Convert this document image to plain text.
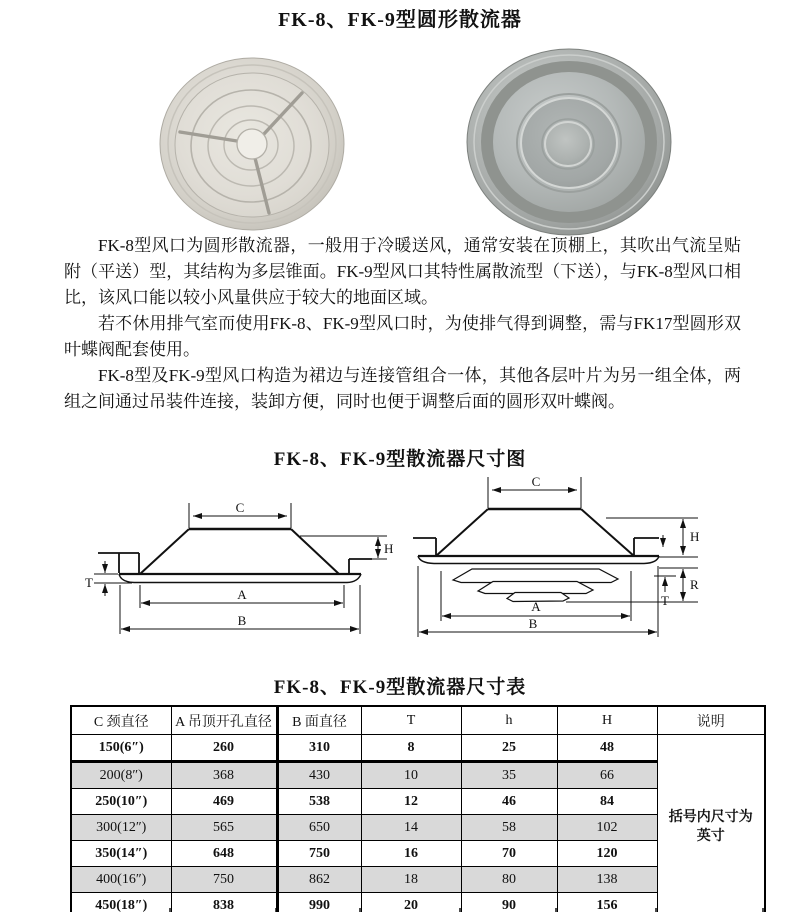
FK-8、FK-9型圆形散流器

FK-8型风口为圆形散流器，一般用于冷暖送风，通常安装在顶棚上，其吹出气流呈贴附（平送）型，其结构为多层锥面。FK-9型风口其特性属散流型（下送），与FK-8型风口相比，该风口能以较小风量供应于较大的地面区域。

若不休用排气室而使用FK-8、FK-9型风口时，为使排气得到调整，需与FK17型圆形双叶蝶阀配套使用。

FK-8型及FK-9型风口构造为裙边与连接管组合一体，其他各层叶片为另一组全体，两组之间通过吊装件连接，装卸方便，同时也便于调整后面的圆形双叶蝶阀。

FK-8、FK-9型散流器尺寸图
C
H
T
A
B
C
H
R
T
A
B
FK-8、FK-9型散流器尺寸表
C 颈直径	A 吊顶开孔直径	B 面直径	T	h	H	说明
150(6″)	260	310	8	25	48	括号内尺寸为英寸
200(8″)	368	430	10	35	66	
250(10″)	469	538	12	46	84	
300(12″)	565	650	14	58	102	
350(14″)	648	750	16	70	120	
400(16″)	750	862	18	80	138	
450(18″)	838	990	20	90	156	
